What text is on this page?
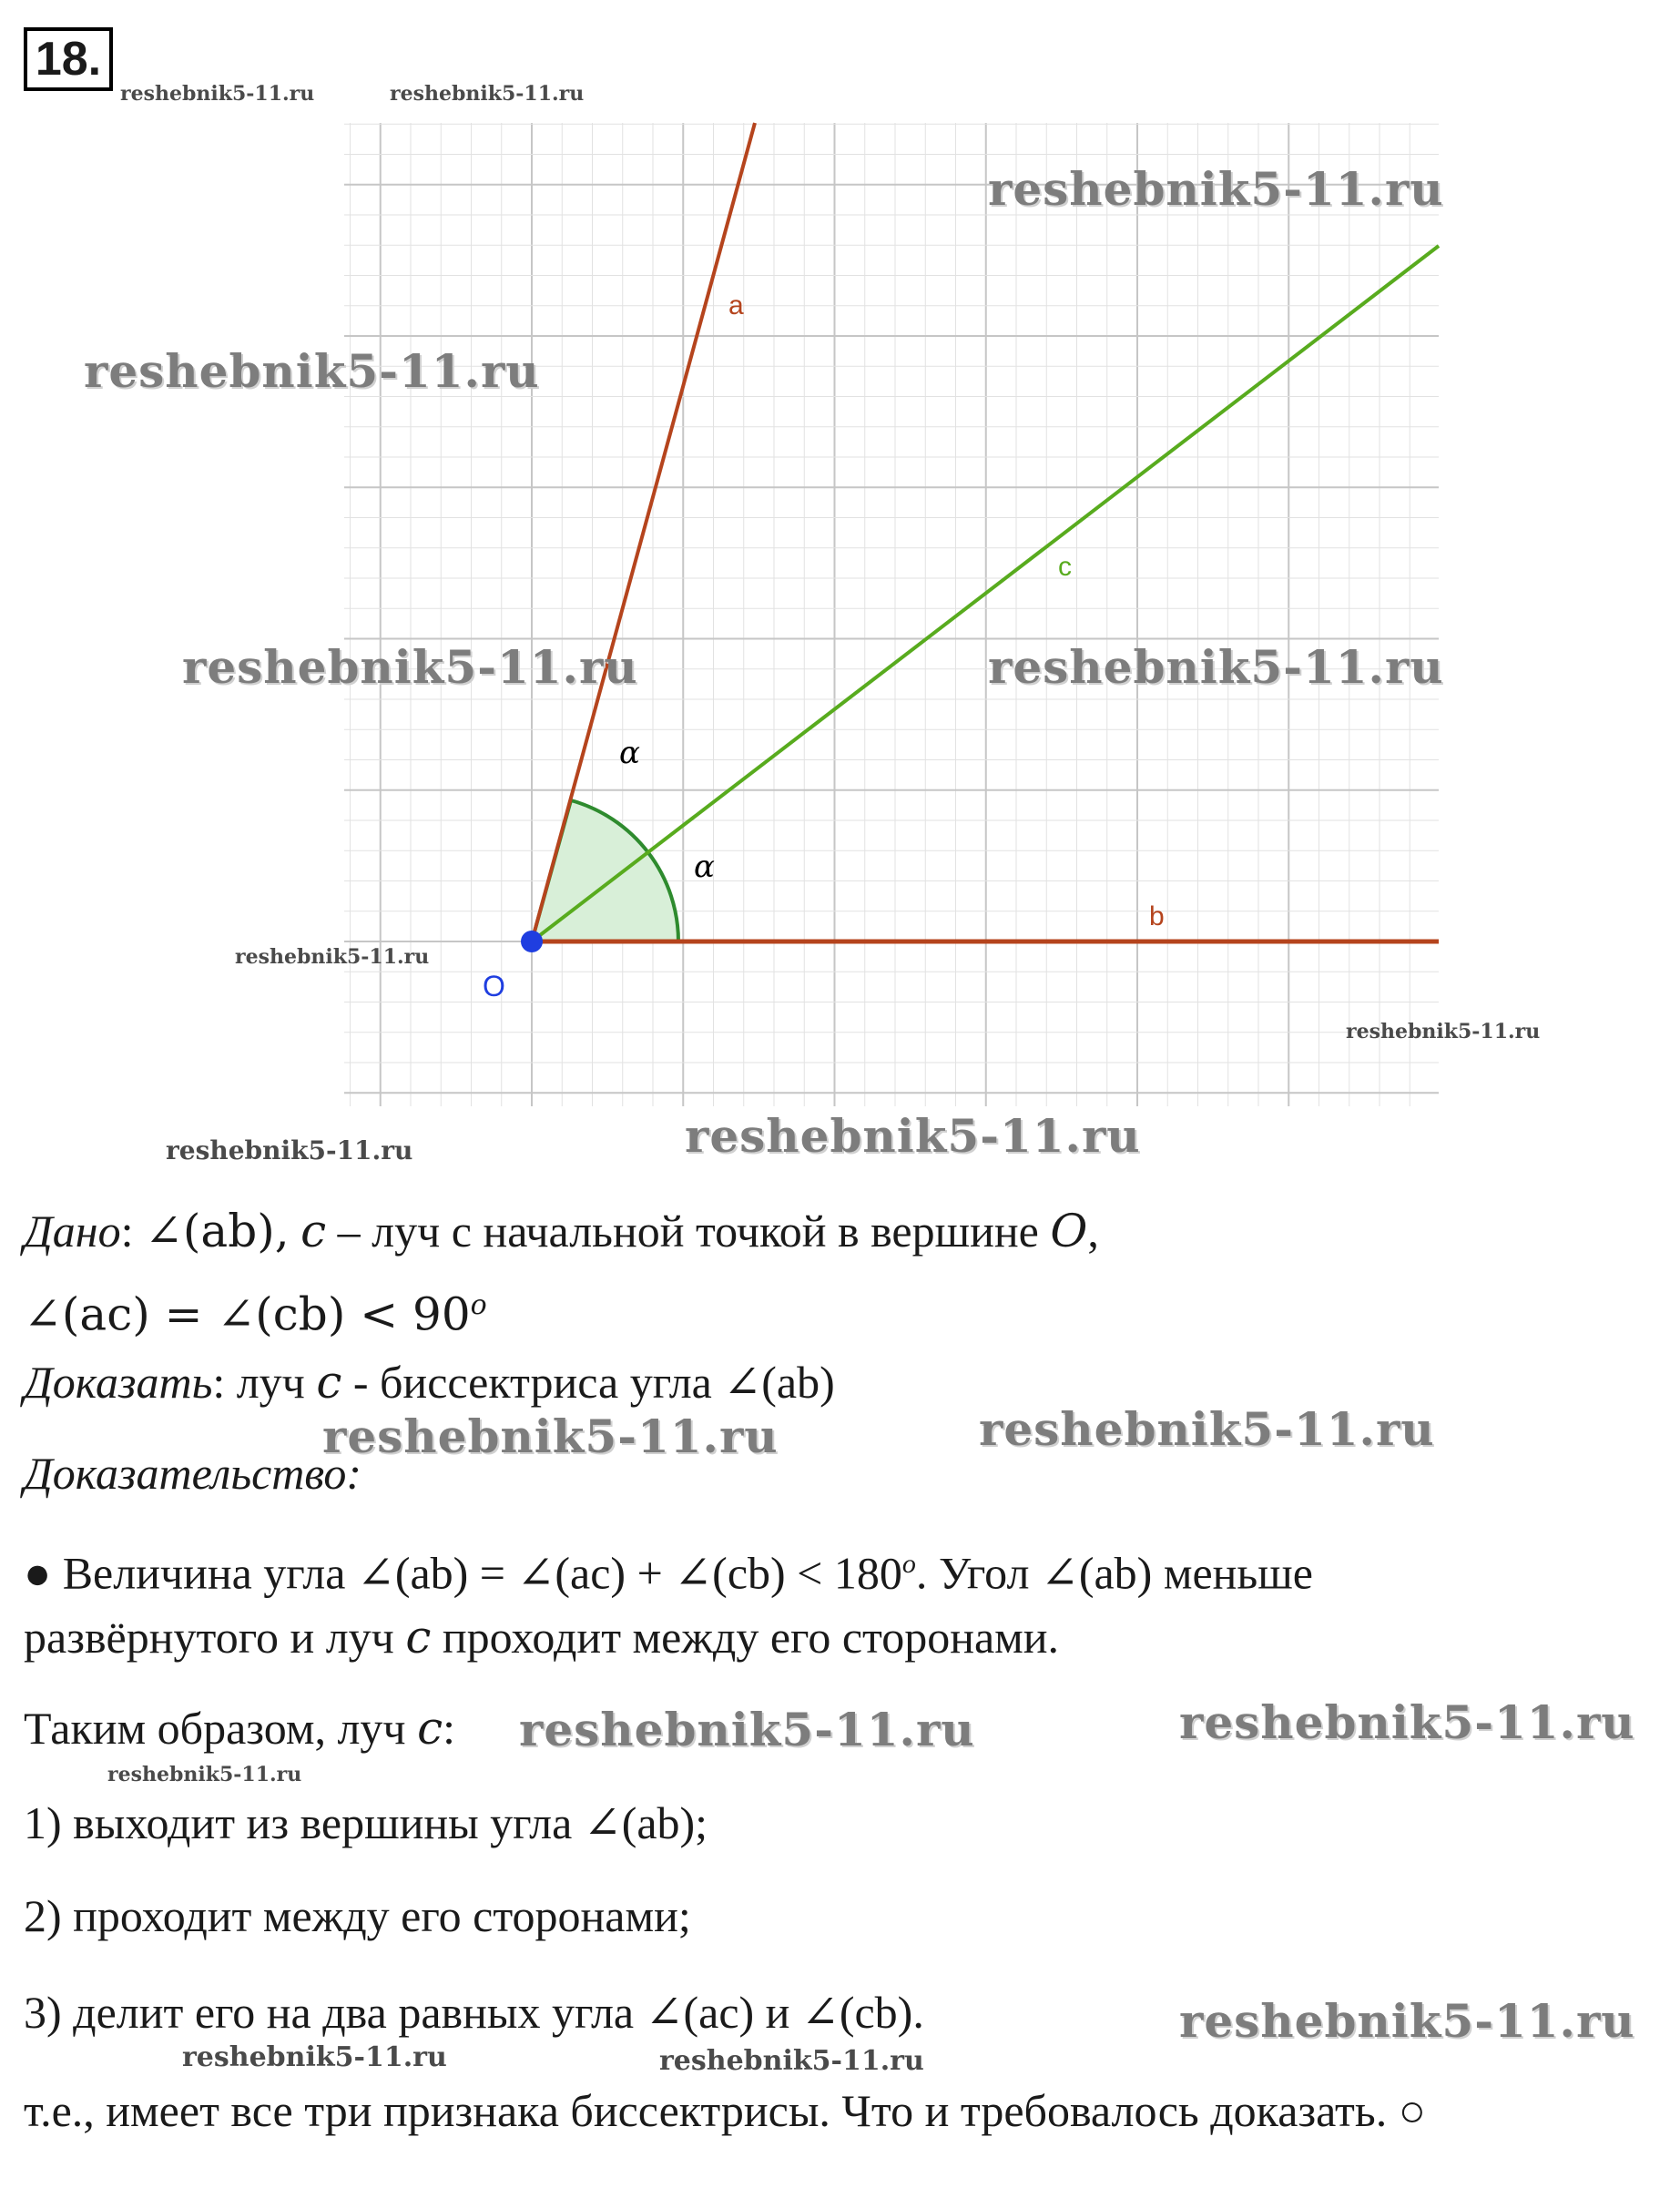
18.
a
c
b
O
α
α
reshebnik5-11.ru	reshebnik5-11.ru
reshebnik5-11.ru
reshebnik5-11.ru
reshebnik5-11.ru	reshebnik5-11.ru
reshebnik5-11.ru
reshebnik5-11.ru
reshebnik5-11.ru	reshebnik5-11.ru
reshebnik5-11.ru	reshebnik5-11.ru
reshebnik5-11.ru	reshebnik5-11.ru
reshebnik5-11.ru
reshebnik5-11.ru
reshebnik5-11.ru	reshebnik5-11.ru
Дано: ∠(ab), c – луч с начальной точкой в вершине O,
∠(ac) = ∠(cb) < $90^o$
Доказать: луч c - биссектриса угла ∠(ab)
Доказательство:
● Величина угла ∠(ab) = ∠(ac) + ∠(cb) < $180^o$. Угол ∠(ab) меньше
развёрнутого и луч c проходит между его сторонами.
Таким образом, луч c:
1) выходит из вершины угла ∠(ab);
2) проходит между его сторонами;
3) делит его на два равных угла ∠(ac) и ∠(cb).
т.е., имеет все три признака биссектрисы. Что и требовалось доказать. ○
